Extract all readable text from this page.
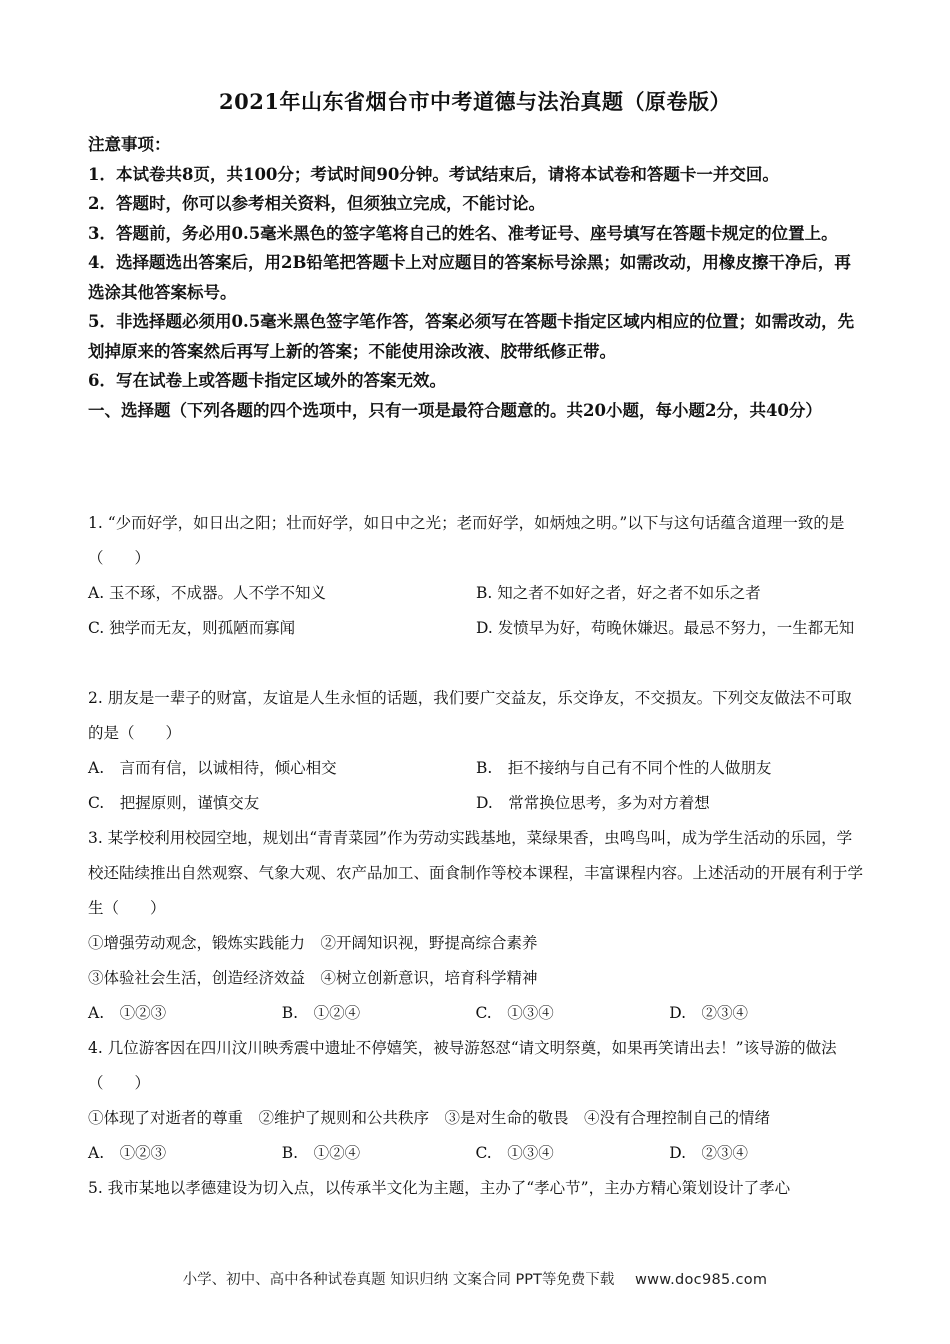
2021年山东省烟台市中考道德与法治真题（原卷版）

注意事项：

1．本试卷共8页，共100分；考试时间90分钟。考试结束后，请将本试卷和答题卡一并交回。

2．答题时，你可以参考相关资料，但须独立完成，不能讨论。

3．答题前，务必用0.5毫米黑色的签字笔将自己的姓名、准考证号、座号填写在答题卡规定的位置上。

4．选择题选出答案后，用2B铅笔把答题卡上对应题目的答案标号涂黑；如需改动，用橡皮擦干净后，再选涂其他答案标号。

5．非选择题必须用0.5毫米黑色签字笔作答，答案必须写在答题卡指定区域内相应的位置；如需改动，先划掉原来的答案然后再写上新的答案；不能使用涂改液、胶带纸修正带。

6．写在试卷上或答题卡指定区域外的答案无效。

一、选择题（下列各题的四个选项中，只有一项是最符合题意的。共20小题，每小题2分，共40分）

1. “少而好学，如日出之阳；壮而好学，如日中之光；老而好学，如炳烛之明。”以下与这句话蕴含道理一致的是（　　）

A. 玉不琢，不成器。人不学不知义	B. 知之者不如好之者，好之者不如乐之者
C. 独学而无友，则孤陋而寡闻	D. 发愤早为好，苟晚休嫌迟。最忌不努力，一生都无知

2. 朋友是一辈子的财富，友谊是人生永恒的话题，我们要广交益友，乐交诤友，不交损友。下列交友做法不可取的是（　　）

A.　言而有信，以诚相待，倾心相交	B.　拒不接纳与自己有不同个性的人做朋友
C.　把握原则，谨慎交友	D.　常常换位思考，多为对方着想

3. 某学校利用校园空地，规划出“青青菜园”作为劳动实践基地，菜绿果香，虫鸣鸟叫，成为学生活动的乐园，学校还陆续推出自然观察、气象大观、农产品加工、面食制作等校本课程，丰富课程内容。上述活动的开展有利于学生（　　）

①增强劳动观念，锻炼实践能力　②开阔知识视，野提高综合素养

③体验社会生活，创造经济效益　④树立创新意识，培育科学精神

A.　①②③	B.　①②④	C.　①③④	D.　②③④

4. 几位游客因在四川汶川映秀震中遗址不停嬉笑，被导游怒怼“请文明祭奠，如果再笑请出去！”该导游的做法（　　）

①体现了对逝者的尊重　②维护了规则和公共秩序　③是对生命的敬畏　④没有合理控制自己的情绪

A.　①②③	B.　①②④	C.　①③④	D.　②③④

5. 我市某地以孝德建设为切入点，以传承半文化为主题，主办了“孝心节”，主办方精心策划设计了孝心

小学、初中、高中各种试卷真题 知识归纳 文案合同 PPT等免费下载 www.doc985.com
